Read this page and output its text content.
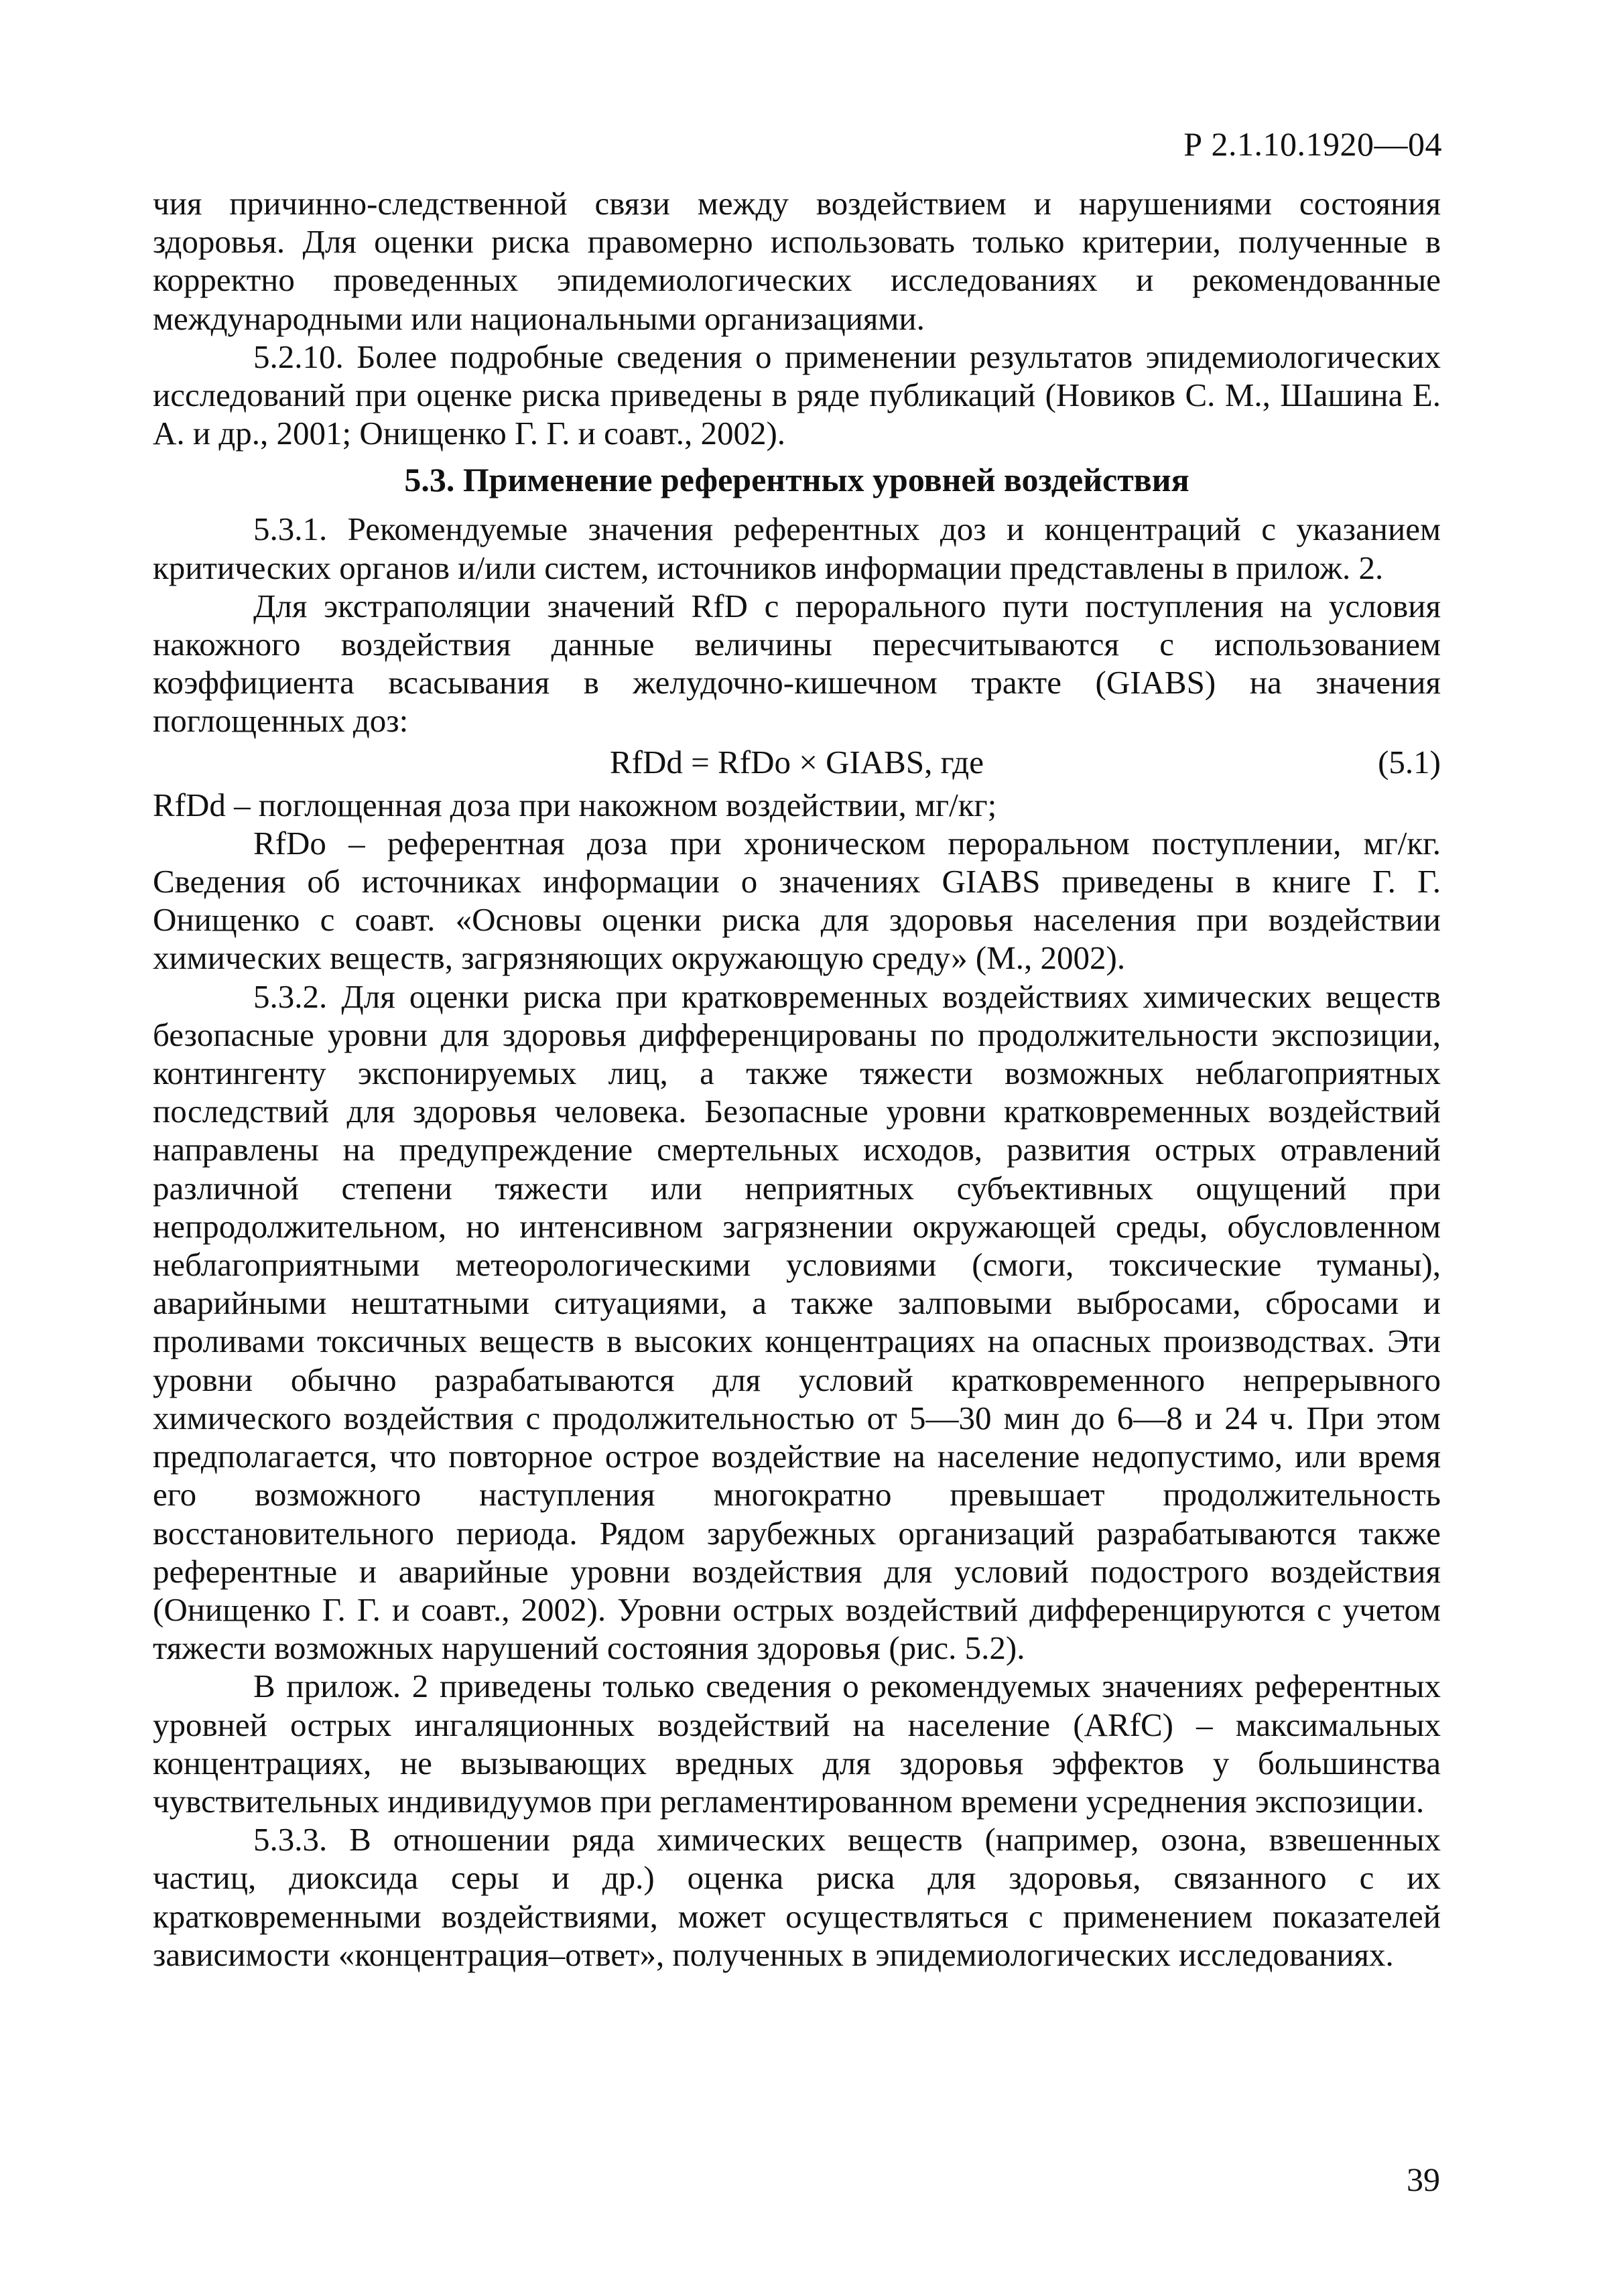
Р 2.1.10.1920—04

чия причинно-следственной связи между воздействием и нарушениями состояния здоровья. Для оценки риска правомерно использовать только критерии, полученные в корректно проведенных эпидемиологических исследованиях и рекомендованные международными или национальными организациями.

5.2.10. Более подробные сведения о применении результатов эпидемиологических исследований при оценке риска приведены в ряде публикаций (Новиков С. М., Шашина Е. А. и др., 2001; Онищенко Г. Г. и соавт., 2002).

5.3. Применение референтных уровней воздействия

5.3.1. Рекомендуемые значения референтных доз и концентраций с указанием критических органов и/или систем, источников информации представлены в прилож. 2.

Для экстраполяции значений RfD с перорального пути поступления на условия накожного воздействия данные величины пересчитываются с использованием коэффициента всасывания в желудочно-кишечном тракте (GIABS) на значения поглощенных доз:

RfDd = RfDo × GIABS, где	(5.1)

RfDd – поглощенная доза при накожном воздействии, мг/кг;

RfDo – референтная доза при хроническом пероральном поступлении, мг/кг. Сведения об источниках информации о значениях GIABS приведены в книге Г. Г. Онищенко с соавт. «Основы оценки риска для здоровья населения при воздействии химических веществ, загрязняющих окружающую среду» (М., 2002).

5.3.2. Для оценки риска при кратковременных воздействиях химических веществ безопасные уровни для здоровья дифференцированы по продолжительности экспозиции, контингенту экспонируемых лиц, а также тяжести возможных неблагоприятных последствий для здоровья человека. Безопасные уровни кратковременных воздействий направлены на предупреждение смертельных исходов, развития острых отравлений различной степени тяжести или неприятных субъективных ощущений при непродолжительном, но интенсивном загрязнении окружающей среды, обусловленном неблагоприятными метеорологическими условиями (смоги, токсические туманы), аварийными нештатными ситуациями, а также залповыми выбросами, сбросами и проливами токсичных веществ в высоких концентрациях на опасных производствах. Эти уровни обычно разрабатываются для условий кратковременного непрерывного химического воздействия с продолжительностью от 5—30 мин до 6—8 и 24 ч. При этом предполагается, что повторное острое воздействие на население недопустимо, или время его возможного наступления многократно превышает продолжительность восстановительного периода. Рядом зарубежных организаций разрабатываются также референтные и аварийные уровни воздействия для условий подострого воздействия (Онищенко Г. Г. и соавт., 2002). Уровни острых воздействий дифференцируются с учетом тяжести возможных нарушений состояния здоровья (рис. 5.2).

В прилож. 2 приведены только сведения о рекомендуемых значениях референтных уровней острых ингаляционных воздействий на население (ARfC) – максимальных концентрациях, не вызывающих вредных для здоровья эффектов у большинства чувствительных индивидуумов при регламентированном времени усреднения экспозиции.

5.3.3. В отношении ряда химических веществ (например, озона, взвешенных частиц, диоксида серы и др.) оценка риска для здоровья, связанного с их кратковременными воздействиями, может осуществляться с применением показателей зависимости «концентрация–ответ», полученных в эпидемиологических исследованиях.

39
